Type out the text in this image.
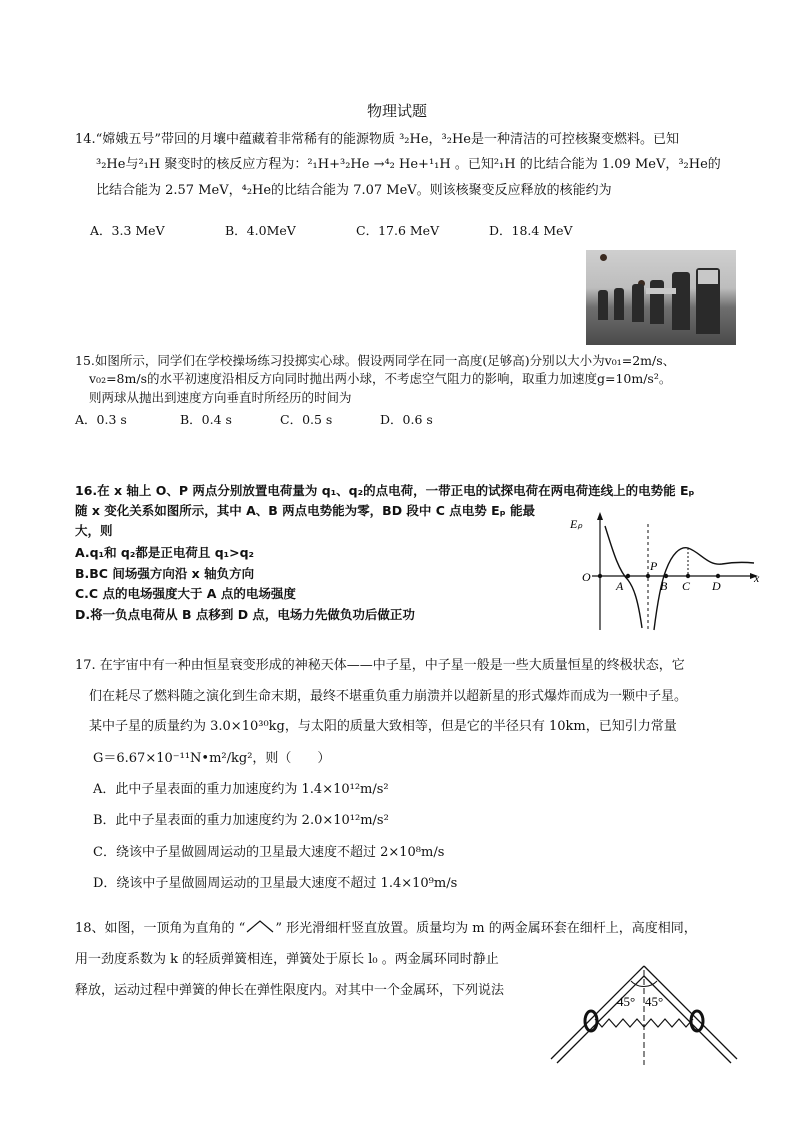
物理试题
14.“嫦娥五号”带回的月壤中蕴藏着非常稀有的能源物质 ³₂He，³₂He是一种清洁的可控核聚变燃料。已知
³₂He与²₁H 聚变时的核反应方程为：²₁H+³₂He →⁴₂ He+¹₁H 。已知²₁H 的比结合能为 1.09 MeV，³₂He的
比结合能为 2.57 MeV，⁴₂He的比结合能为 7.07 MeV。则该核聚变反应释放的核能约为
A．3.3 MeV	B．4.0MeV	C．17.6 MeV	D．18.4 MeV
15.如图所示，同学们在学校操场练习投掷实心球。假设两同学在同一高度(足够高)分别以大小为v₀₁=2m/s、
v₀₂=8m/s的水平初速度沿相反方向同时抛出两小球，不考虑空气阻力的影响，取重力加速度g=10m/s²。
则两球从抛出到速度方向垂直时所经历的时间为
A．0.3 s	B．0.4 s	C．0.5 s	D．0.6 s
16.在 x 轴上 O、P 两点分别放置电荷量为 q₁、q₂的点电荷，一带正电的试探电荷在两电荷连线上的电势能 Eₚ
随 x 变化关系如图所示，其中 A、B 两点电势能为零，BD 段中 C 点电势 Eₚ 能最
大，则
A.q₁和 q₂都是正电荷且 q₁>q₂
B.BC 间场强方向沿 x 轴负方向
C.C 点的电场强度大于 A 点的电场强度
D.将一负点电荷从 B 点移到 D 点，电场力先做负功后做正功
Eₚ
x
O
A
P
B C D
17. 在宇宙中有一种由恒星衰变形成的神秘天体——中子星，中子星一般是一些大质量恒星的终极状态，它
们在耗尽了燃料随之演化到生命末期，最终不堪重负重力崩溃并以超新星的形式爆炸而成为一颗中子星。
某中子星的质量约为 3.0×10³⁰kg，与太阳的质量大致相等，但是它的半径只有 10km，已知引力常量
G＝6.67×10⁻¹¹N•m²/kg²，则（　　）
A．此中子星表面的重力加速度约为 1.4×10¹²m/s²
B．此中子星表面的重力加速度约为 2.0×10¹²m/s²
C．绕该中子星做圆周运动的卫星最大速度不超过 2×10⁸m/s
D．绕该中子星做圆周运动的卫星最大速度不超过 1.4×10⁹m/s
18、如图，一顶角为直角的 “ ” 形光滑细杆竖直放置。质量均为 m 的两金属环套在细杆上，高度相同，
用一劲度系数为 k 的轻质弹簧相连，弹簧处于原长 l₀ 。两金属环同时静止
释放，运动过程中弹簧的伸长在弹性限度内。对其中一个金属环，下列说法
45° 45°
